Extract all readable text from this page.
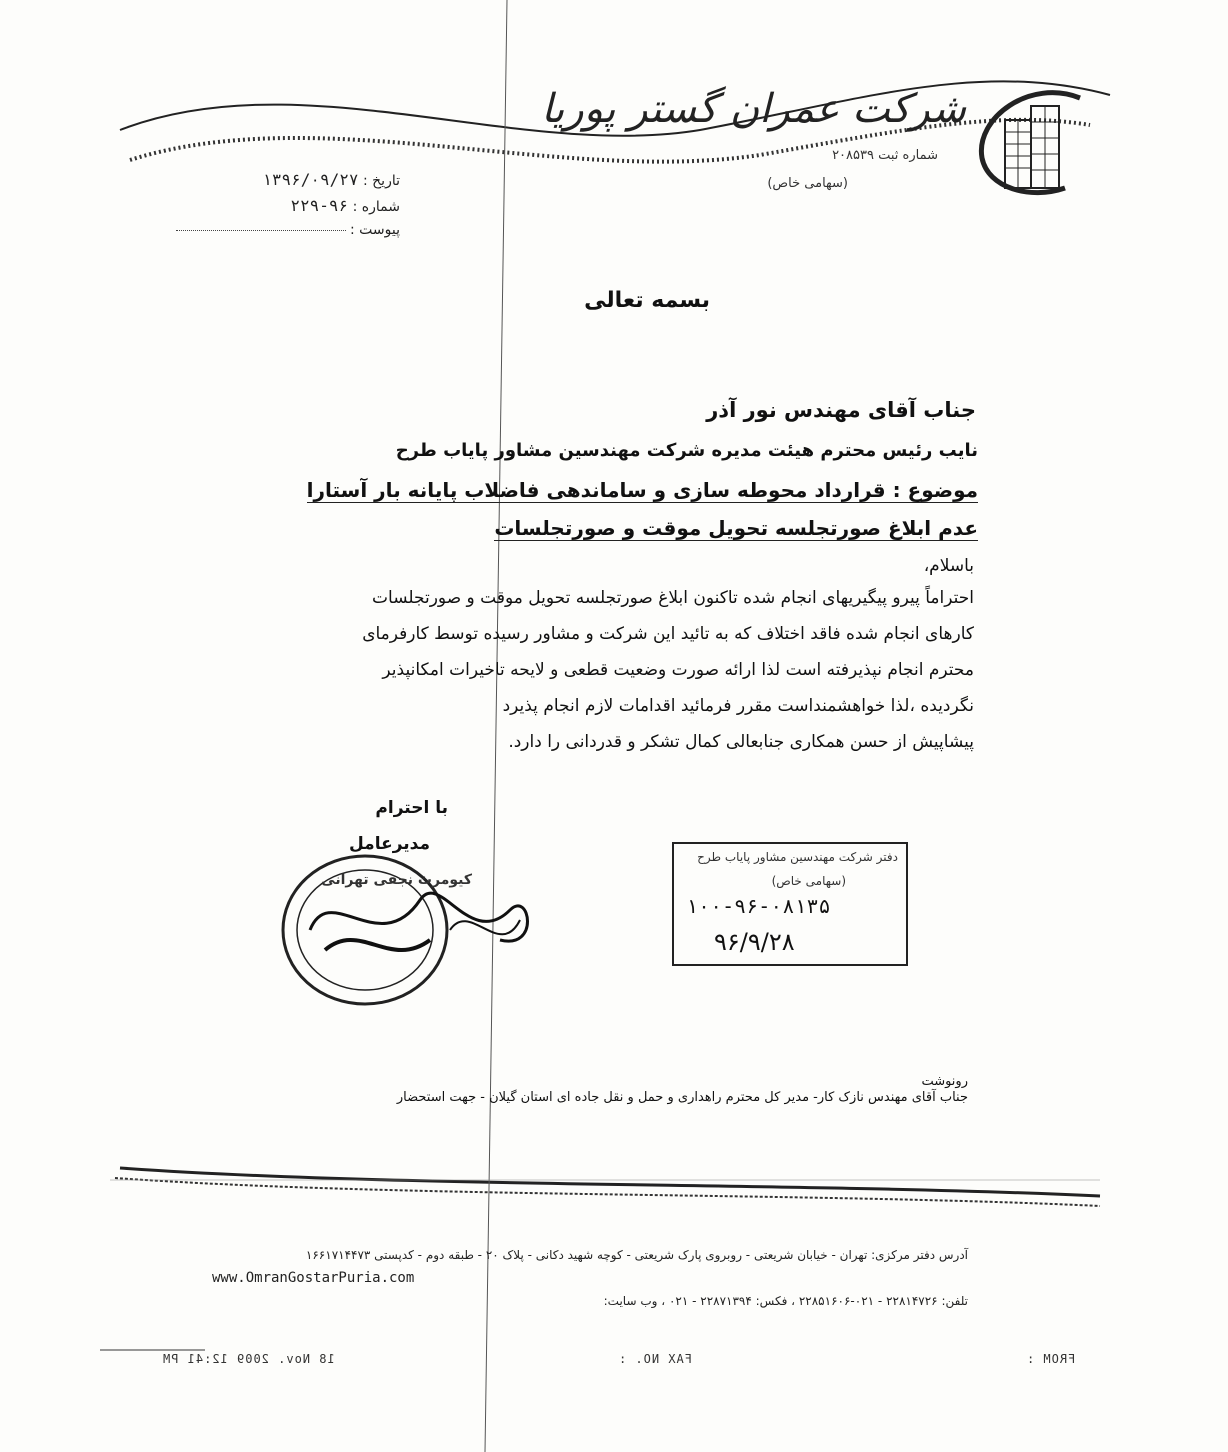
شرکت عمران گستر پوریا
شماره ثبت ۲۰۸۵۳۹
(سهامی خاص)
تاریخ : ۱۳۹۶/۰۹/۲۷
شماره : ۹۶-۲۲۹
پیوست :
بسمه تعالی
جناب آقای مهندس نور آذر
نایب رئیس محترم هیئت مدیره شرکت مهندسین مشاور پایاب طرح
موضوع : قرارداد محوطه سازی و ساماندهی فاضلاب پایانه بار آستارا
عدم ابلاغ صورتجلسه تحویل موقت و صورتجلسات
باسلام،
احتراماً پیرو پیگیریهای انجام شده تاکنون ابلاغ صورتجلسه تحویل موقت و صورتجلسات
کارهای انجام شده فاقد اختلاف که به تائید این شرکت و مشاور رسیده توسط کارفرمای
محترم انجام نپذیرفته است لذا ارائه صورت وضعیت قطعی و لایحه تاخیرات امکانپذیر
نگردیده ،لذا خواهشمنداست مقرر فرمائید اقدامات لازم انجام پذیرد
پیشاپیش از حسن همکاری جنابعالی کمال تشکر و قدردانی را دارد.
با احترام
مدیرعامل
کیومرث نجفی تهرانی
دفتر شرکت مهندسین مشاور پایاب طرح
(سهامی خاص)
۱۰۰-۹۶-۰۸۱۳۵
۹۶/۹/۲۸
رونوشت
جناب آقای مهندس نازک کار- مدیر کل محترم راهداری و حمل و نقل جاده ای استان گیلان - جهت استحضار
آدرس دفتر مرکزی: تهران - خیابان شریعتی - روبروی پارک شریعتی - کوچه شهید دکانی - پلاک ۲۰ - طبقه دوم - کدپستی ۱۶۶۱۷۱۴۴۷۳
تلفن: ۲۲۸۱۴۷۲۶ - ۰۲۱-۲۲۸۵۱۶۰۶ ، فکس: ۲۲۸۷۱۳۹۴ - ۰۲۱ ، وب سایت:
www.OmranGostarPuria.com
18 Nov. 2009 12:41 PM	FAX NO. :	FROM :
